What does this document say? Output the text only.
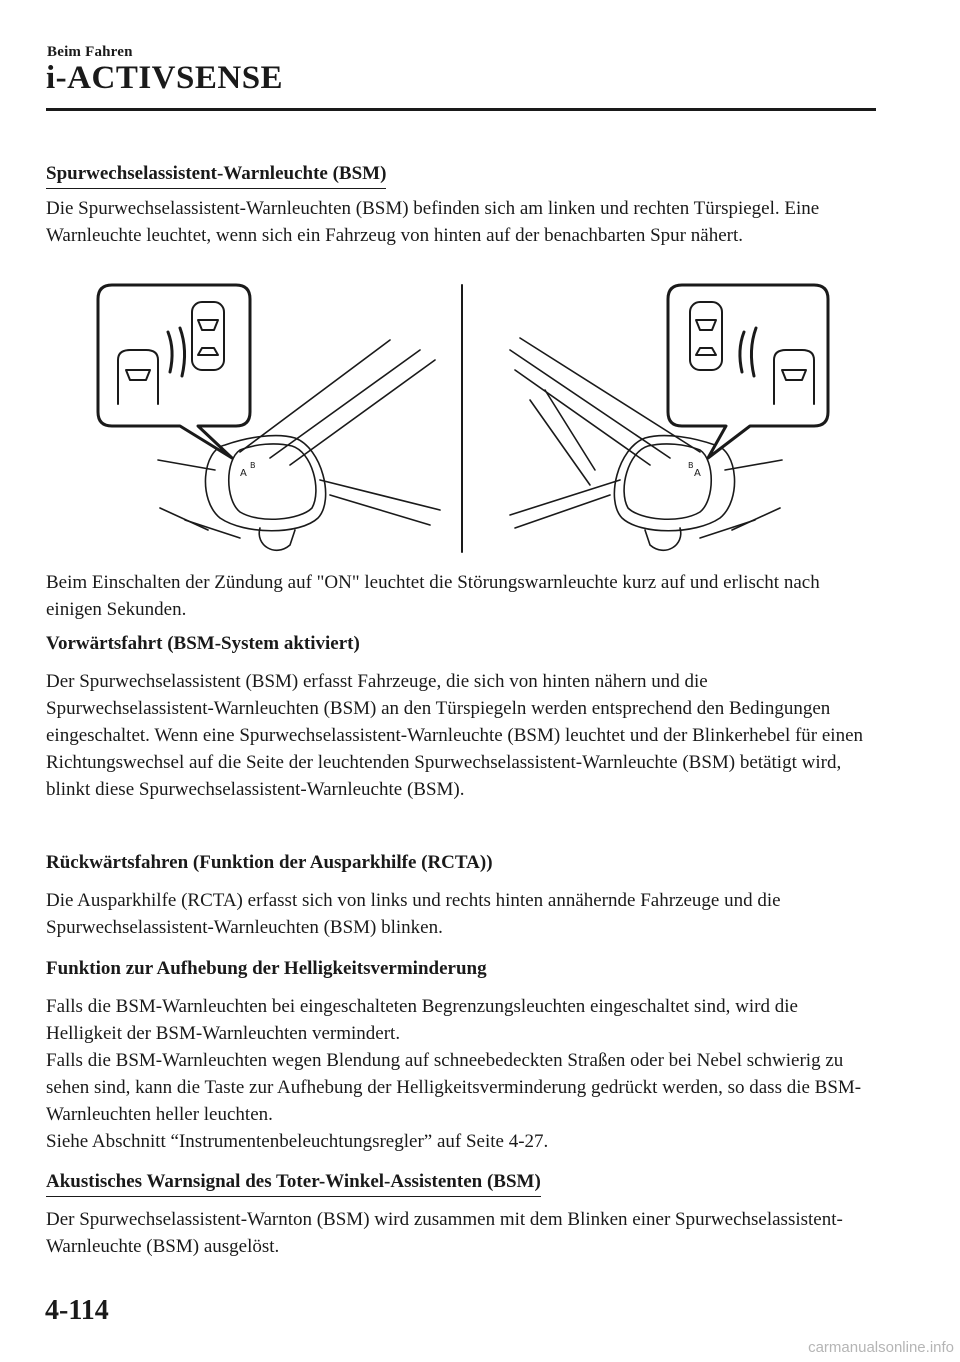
Beim Fahren
i-ACTIVSENSE
Spurwechselassistent-Warnleuchte (BSM)

Die Spurwechselassistent-Warnleuchten (BSM) befinden sich am linken und rechten Türspiegel. Eine Warnleuchte leuchtet, wenn sich ein Fahrzeug von hinten auf der benachbarten Spur nähert.

A
B	B
A

Beim Einschalten der Zündung auf "ON" leuchtet die Störungswarnleuchte kurz auf und erlischt nach einigen Sekunden.

Vorwärtsfahrt (BSM-System aktiviert)

Der Spurwechselassistent (BSM) erfasst Fahrzeuge, die sich von hinten nähern und die Spurwechselassistent-Warnleuchten (BSM) an den Türspiegeln werden entsprechend den Bedingungen eingeschaltet. Wenn eine Spurwechselassistent-Warnleuchte (BSM) leuchtet und der Blinkerhebel für einen Richtungswechsel auf die Seite der leuchtenden Spurwechselassistent-Warnleuchte (BSM) betätigt wird, blinkt diese Spurwechselassistent-Warnleuchte (BSM).

Rückwärtsfahren (Funktion der Ausparkhilfe (RCTA))

Die Ausparkhilfe (RCTA) erfasst sich von links und rechts hinten annähernde Fahrzeuge und die Spurwechselassistent-Warnleuchten (BSM) blinken.

Funktion zur Aufhebung der Helligkeitsverminderung

Falls die BSM-Warnleuchten bei eingeschalteten Begrenzungsleuchten eingeschaltet sind, wird die Helligkeit der BSM-Warnleuchten vermindert.

Falls die BSM-Warnleuchten wegen Blendung auf schneebedeckten Straßen oder bei Nebel schwierig zu sehen sind, kann die Taste zur Aufhebung der Helligkeitsverminderung gedrückt werden, so dass die BSM-Warnleuchten heller leuchten.

Siehe Abschnitt “Instrumentenbeleuchtungsregler” auf Seite 4-27.

Akustisches Warnsignal des Toter-Winkel-Assistenten (BSM)

Der Spurwechselassistent-Warnton (BSM) wird zusammen mit dem Blinken einer Spurwechselassistent-Warnleuchte (BSM) ausgelöst.

4-114
carmanualsonline.info
